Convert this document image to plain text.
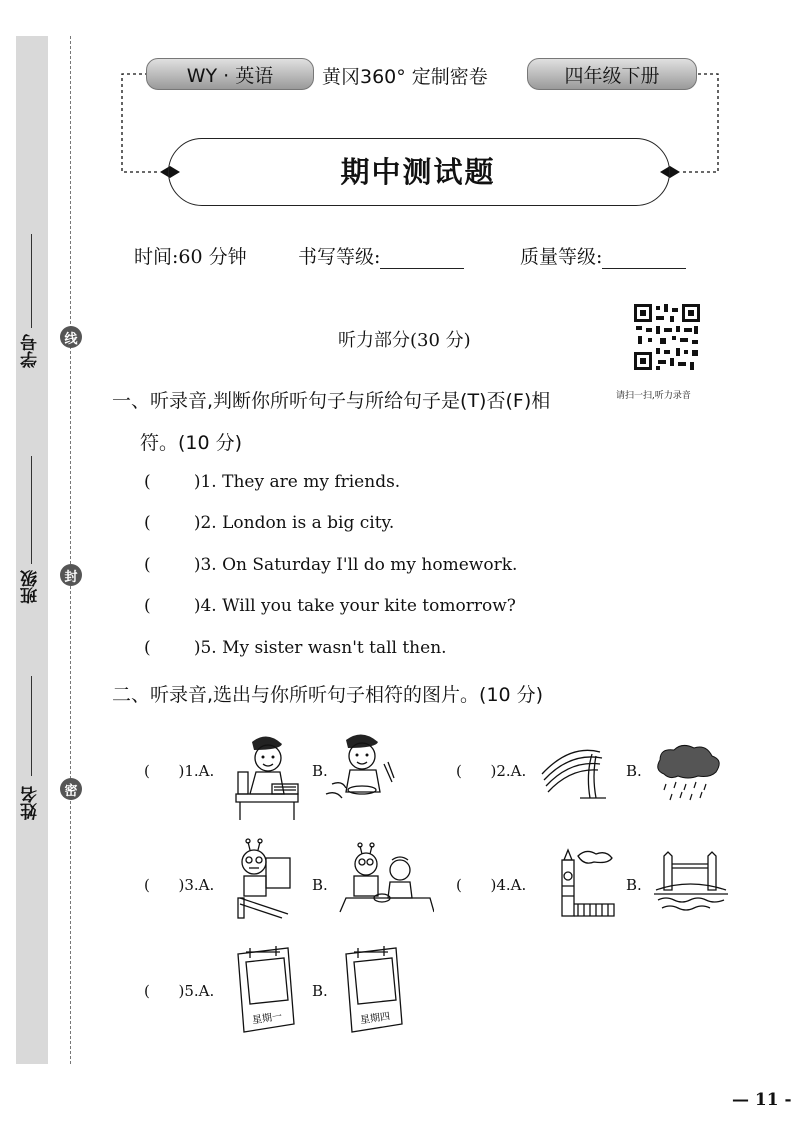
学号
班级
姓名
线
封
密
WY · 英语	黄冈360° 定制密卷	四年级下册
期中测试题
时间:60 分钟	书写等级:	质量等级:
听力部分(30 分)
请扫一扫,听力录音
一、听录音,判断你所听句子与所给句子是(T)否(F)相
符。(10 分)
(        )1. They are my friends.
(        )2. London is a big city.
(        )3. On Saturday I'll do my homework.
(        )4. Will you take your kite tomorrow?
(        )5. My sister wasn't tall then.
二、听录音,选出与你所听句子相符的图片。(10 分)
(      )1.A.	B.	(      )2.A.	B.
(      )3.A.	B.	(      )4.A.	B.
(      )5.A.
星期一
B.
星期四
— 11 -
